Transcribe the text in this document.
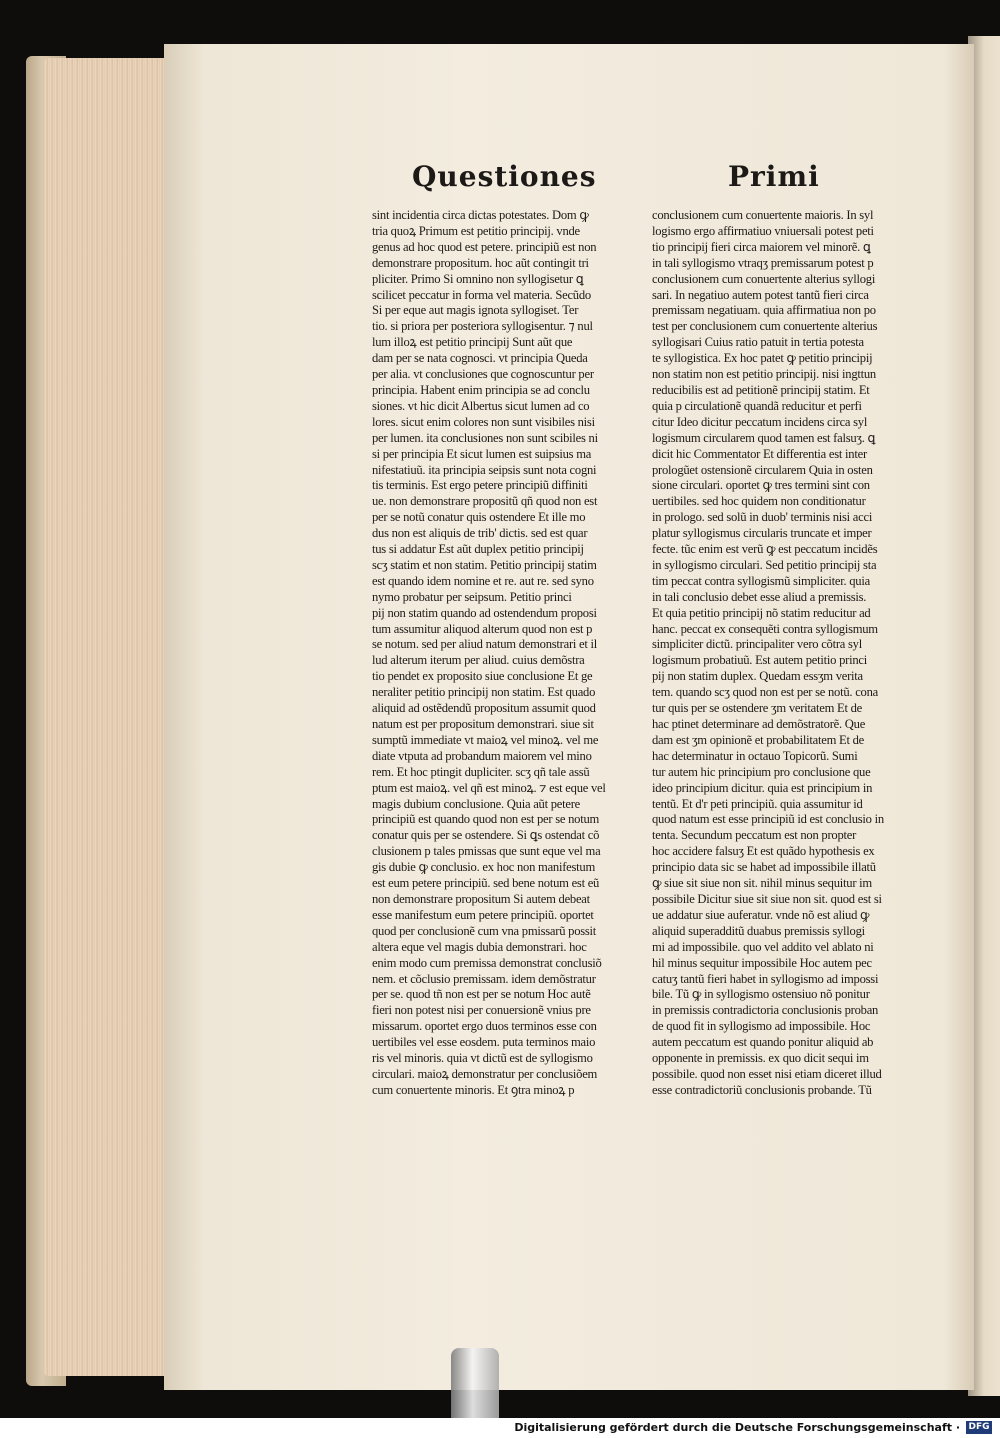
Questiones	Primi
sint incidentia circa dictas potestates. Dom ꝙ
tria quoꝝ Primum est petitio principij. vnde
genus ad hoc quod est petere. principiũ est non
demonstrare propositum. hoc aũt contingit tri
pliciter. Primo Si omnino non syllogisetur ꝗ
scilicet peccatur in forma vel materia. Secũdo
Si per eque aut magis ignota syllogiset. Ter
tio. si priora per posteriora syllogisentur. ⁊ nul
lum illoꝝ est petitio principij Sunt aũt que
dam per se nata cognosci. vt principia Queda
per alia. vt conclusiones que cognoscuntur per
principia. Habent enim principia se ad conclu
siones. vt hic dicit Albertus sicut lumen ad co
lores. sicut enim colores non sunt visibiles nisi
per lumen. ita conclusiones non sunt scibiles ni
si per principia Et sicut lumen est suipsius ma
nifestatiuũ. ita principia seipsis sunt nota cogni
tis terminis. Est ergo petere principiũ diffiniti
ue. non demonstrare propositũ qñ quod non est
per se notũ conatur quis ostendere Et ille mo
dus non est aliquis de trib' dictis. sed est quar
tus si addatur Est aũt duplex petitio principij
scʒ statim et non statim. Petitio principij statim
est quando idem nomine et re. aut re. sed syno
nymo probatur per seipsum. Petitio princi
pij non statim quando ad ostendendum proposi
tum assumitur aliquod alterum quod non est p
se notum. sed per aliud natum demonstrari et il
lud alterum iterum per aliud. cuius demõstra
tio pendet ex proposito siue conclusione Et ge
neraliter petitio principij non statim. Est quado
aliquid ad ostẽdendũ propositum assumit quod
natum est per propositum demonstrari. siue sit
sumptũ immediate vt maioꝝ vel minoꝝ. vel me
diate vtputa ad probandum maiorem vel mino
rem. Et hoc ptingit dupliciter. scʒ qñ tale assũ
ptum est maioꝝ. vel qñ est minoꝝ. ⁊ est eque vel
magis dubium conclusione. Quia aũt petere
principiũ est quando quod non est per se notum
conatur quis per se ostendere. Si ꝗs ostendat cõ
clusionem p tales pmissas que sunt eque vel ma
gis dubie ꝙ conclusio. ex hoc non manifestum
est eum petere principiũ. sed bene notum est eũ
non demonstrare propositum Si autem debeat
esse manifestum eum petere principiũ. oportet
quod per conclusionẽ cum vna pmissarũ possit
altera eque vel magis dubia demonstrari. hoc
enim modo cum premissa demonstrat conclusiõ
nem. et cõclusio premissam. idem demõstratur
per se. quod tñ non est per se notum Hoc autẽ
fieri non potest nisi per conuersionẽ vnius pre
missarum. oportet ergo duos terminos esse con
uertibiles vel esse eosdem. puta terminos maio
ris vel minoris. quia vt dictũ est de syllogismo
circulari. maioꝝ demonstratur per conclusiõem
cum conuertente minoris. Et ꝯtra minoꝝ p
conclusionem cum conuertente maioris. In syl
logismo ergo affirmatiuo vniuersali potest peti
tio principij fieri circa maiorem vel minorẽ. ꝗ
in tali syllogismo vtraqʒ premissarum potest p
conclusionem cum conuertente alterius syllogi
sari. In negatiuo autem potest tantũ fieri circa
premissam negatiuam. quia affirmatiua non po
test per conclusionem cum conuertente alterius
syllogisari Cuius ratio patuit in tertia potesta
te syllogistica. Ex hoc patet ꝙ petitio principij
non statim non est petitio principij. nisi ingttun
reducibilis est ad petitionẽ principij statim. Et
quia p circulationẽ quandã reducitur et perfi
citur Ideo dicitur peccatum incidens circa syl
logismum circularem quod tamen est falsuʒ. ꝗ
dicit hic Commentator Et differentia est inter
prologũet ostensionẽ circularem Quia in osten
sione circulari. oportet ꝙ tres termini sint con
uertibiles. sed hoc quidem non conditionatur
in prologo. sed solũ in duob' terminis nisi acci
platur syllogismus circularis truncate et imper
fecte. tũc enim est verũ ꝙ est peccatum incidẽs
in syllogismo circulari. Sed petitio principij sta
tim peccat contra syllogismũ simpliciter. quia
in tali conclusio debet esse aliud a premissis.
Et quia petitio principij nõ statim reducitur ad
hanc. peccat ex consequẽti contra syllogismum
simpliciter dictũ. principaliter vero cõtra syl
logismum probatiuũ. Est autem petitio princi
pij non statim duplex. Quedam essʒm verita
tem. quando scʒ quod non est per se notũ. cona
tur quis per se ostendere ʒm veritatem Et de
hac ptinet determinare ad demõstratorẽ. Que
dam est ʒm opinionẽ et probabilitatem Et de
hac determinatur in octauo Topicorũ. Sumi
tur autem hic principium pro conclusione que
ideo principium dicitur. quia est principium in
tentũ. Et d'r peti principiũ. quia assumitur id
quod natum est esse principiũ id est conclusio in
tenta. Secundum peccatum est non propter
hoc accidere falsuʒ Et est quãdo hypothesis ex
principio data sic se habet ad impossibile illatũ
ꝙ siue sit siue non sit. nihil minus sequitur im
possibile Dicitur siue sit siue non sit. quod est si
ue addatur siue auferatur. vnde nõ est aliud ꝙ
aliquid superadditũ duabus premissis syllogi
mi ad impossibile. quo vel addito vel ablato ni
hil minus sequitur impossibile Hoc autem pec
catuʒ tantũ fieri habet in syllogismo ad impossi
bile. Tũ ꝙ in syllogismo ostensiuo nõ ponitur
in premissis contradictoria conclusionis proban
de quod fit in syllogismo ad impossibile. Hoc
autem peccatum est quando ponitur aliquid ab
opponente in premissis. ex quo dicit sequi im
possibile. quod non esset nisi etiam diceret illud
esse contradictoriũ conclusionis probande. Tũ
Digitalisierung gefördert durch die Deutsche Forschungsgemeinschaft · DFG
